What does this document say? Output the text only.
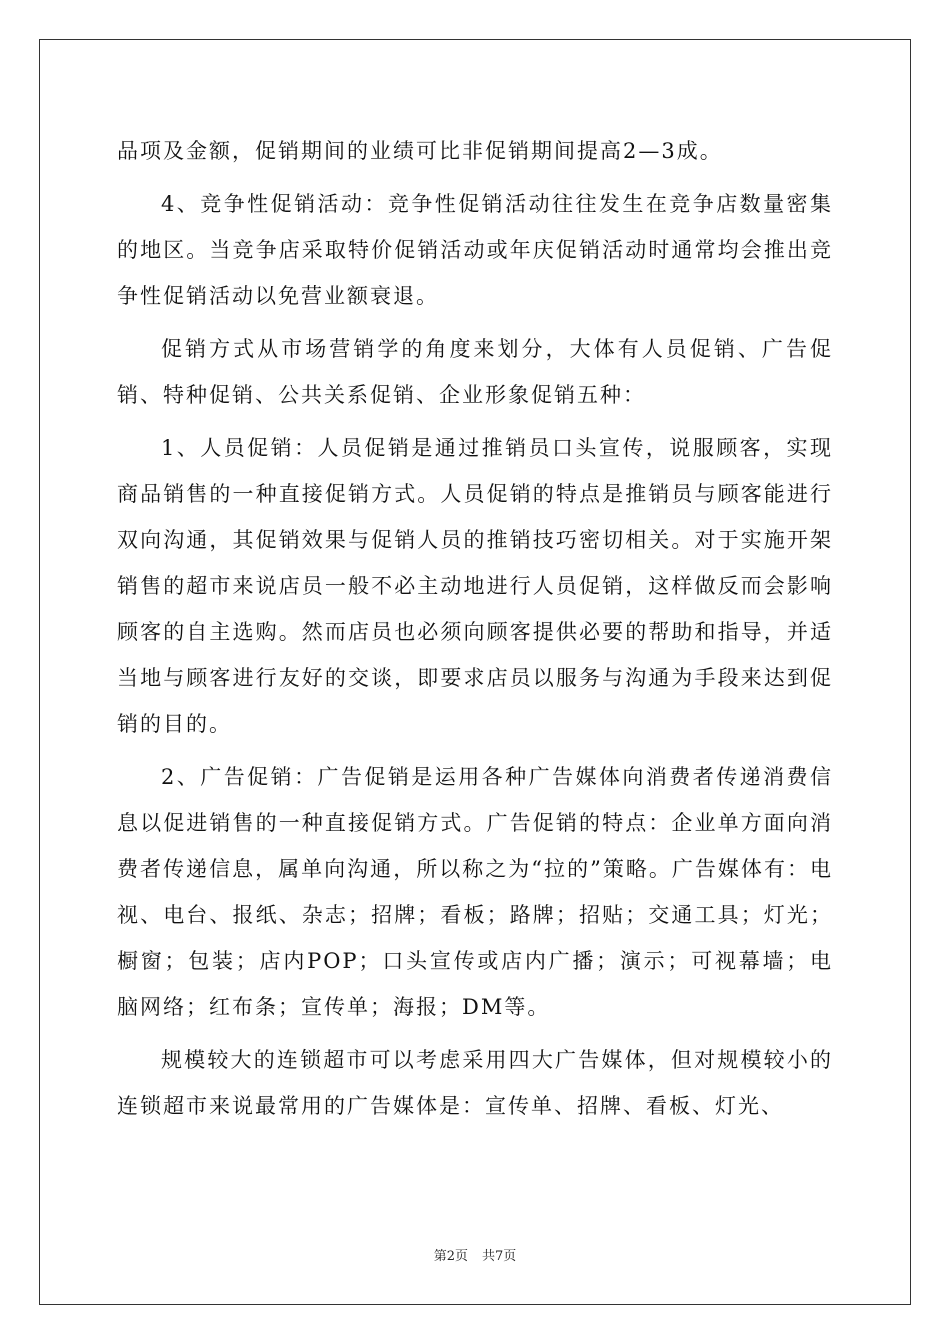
品项及金额，促销期间的业绩可比非促销期间提高2—3成。

4、竞争性促销活动：竞争性促销活动往往发生在竞争店数量密集的地区。当竞争店采取特价促销活动或年庆促销活动时通常均会推出竞争性促销活动以免营业额衰退。

促销方式从市场营销学的角度来划分，大体有人员促销、广告促销、特种促销、公共关系促销、企业形象促销五种：

1、人员促销：人员促销是通过推销员口头宣传，说服顾客，实现商品销售的一种直接促销方式。人员促销的特点是推销员与顾客能进行双向沟通，其促销效果与促销人员的推销技巧密切相关。对于实施开架销售的超市来说店员一般不必主动地进行人员促销，这样做反而会影响顾客的自主选购。然而店员也必须向顾客提供必要的帮助和指导，并适当地与顾客进行友好的交谈，即要求店员以服务与沟通为手段来达到促销的目的。

2、广告促销：广告促销是运用各种广告媒体向消费者传递消费信息以促进销售的一种直接促销方式。广告促销的特点：企业单方面向消费者传递信息，属单向沟通，所以称之为“拉的”策略。广告媒体有：电视、电台、报纸、杂志；招牌；看板；路牌；招贴；交通工具；灯光；橱窗；包装；店内POP；口头宣传或店内广播；演示；可视幕墙；电脑网络；红布条；宣传单；海报；DM等。

规模较大的连锁超市可以考虑采用四大广告媒体，但对规模较小的连锁超市来说最常用的广告媒体是：宣传单、招牌、看板、灯光、

第2页 共7页
